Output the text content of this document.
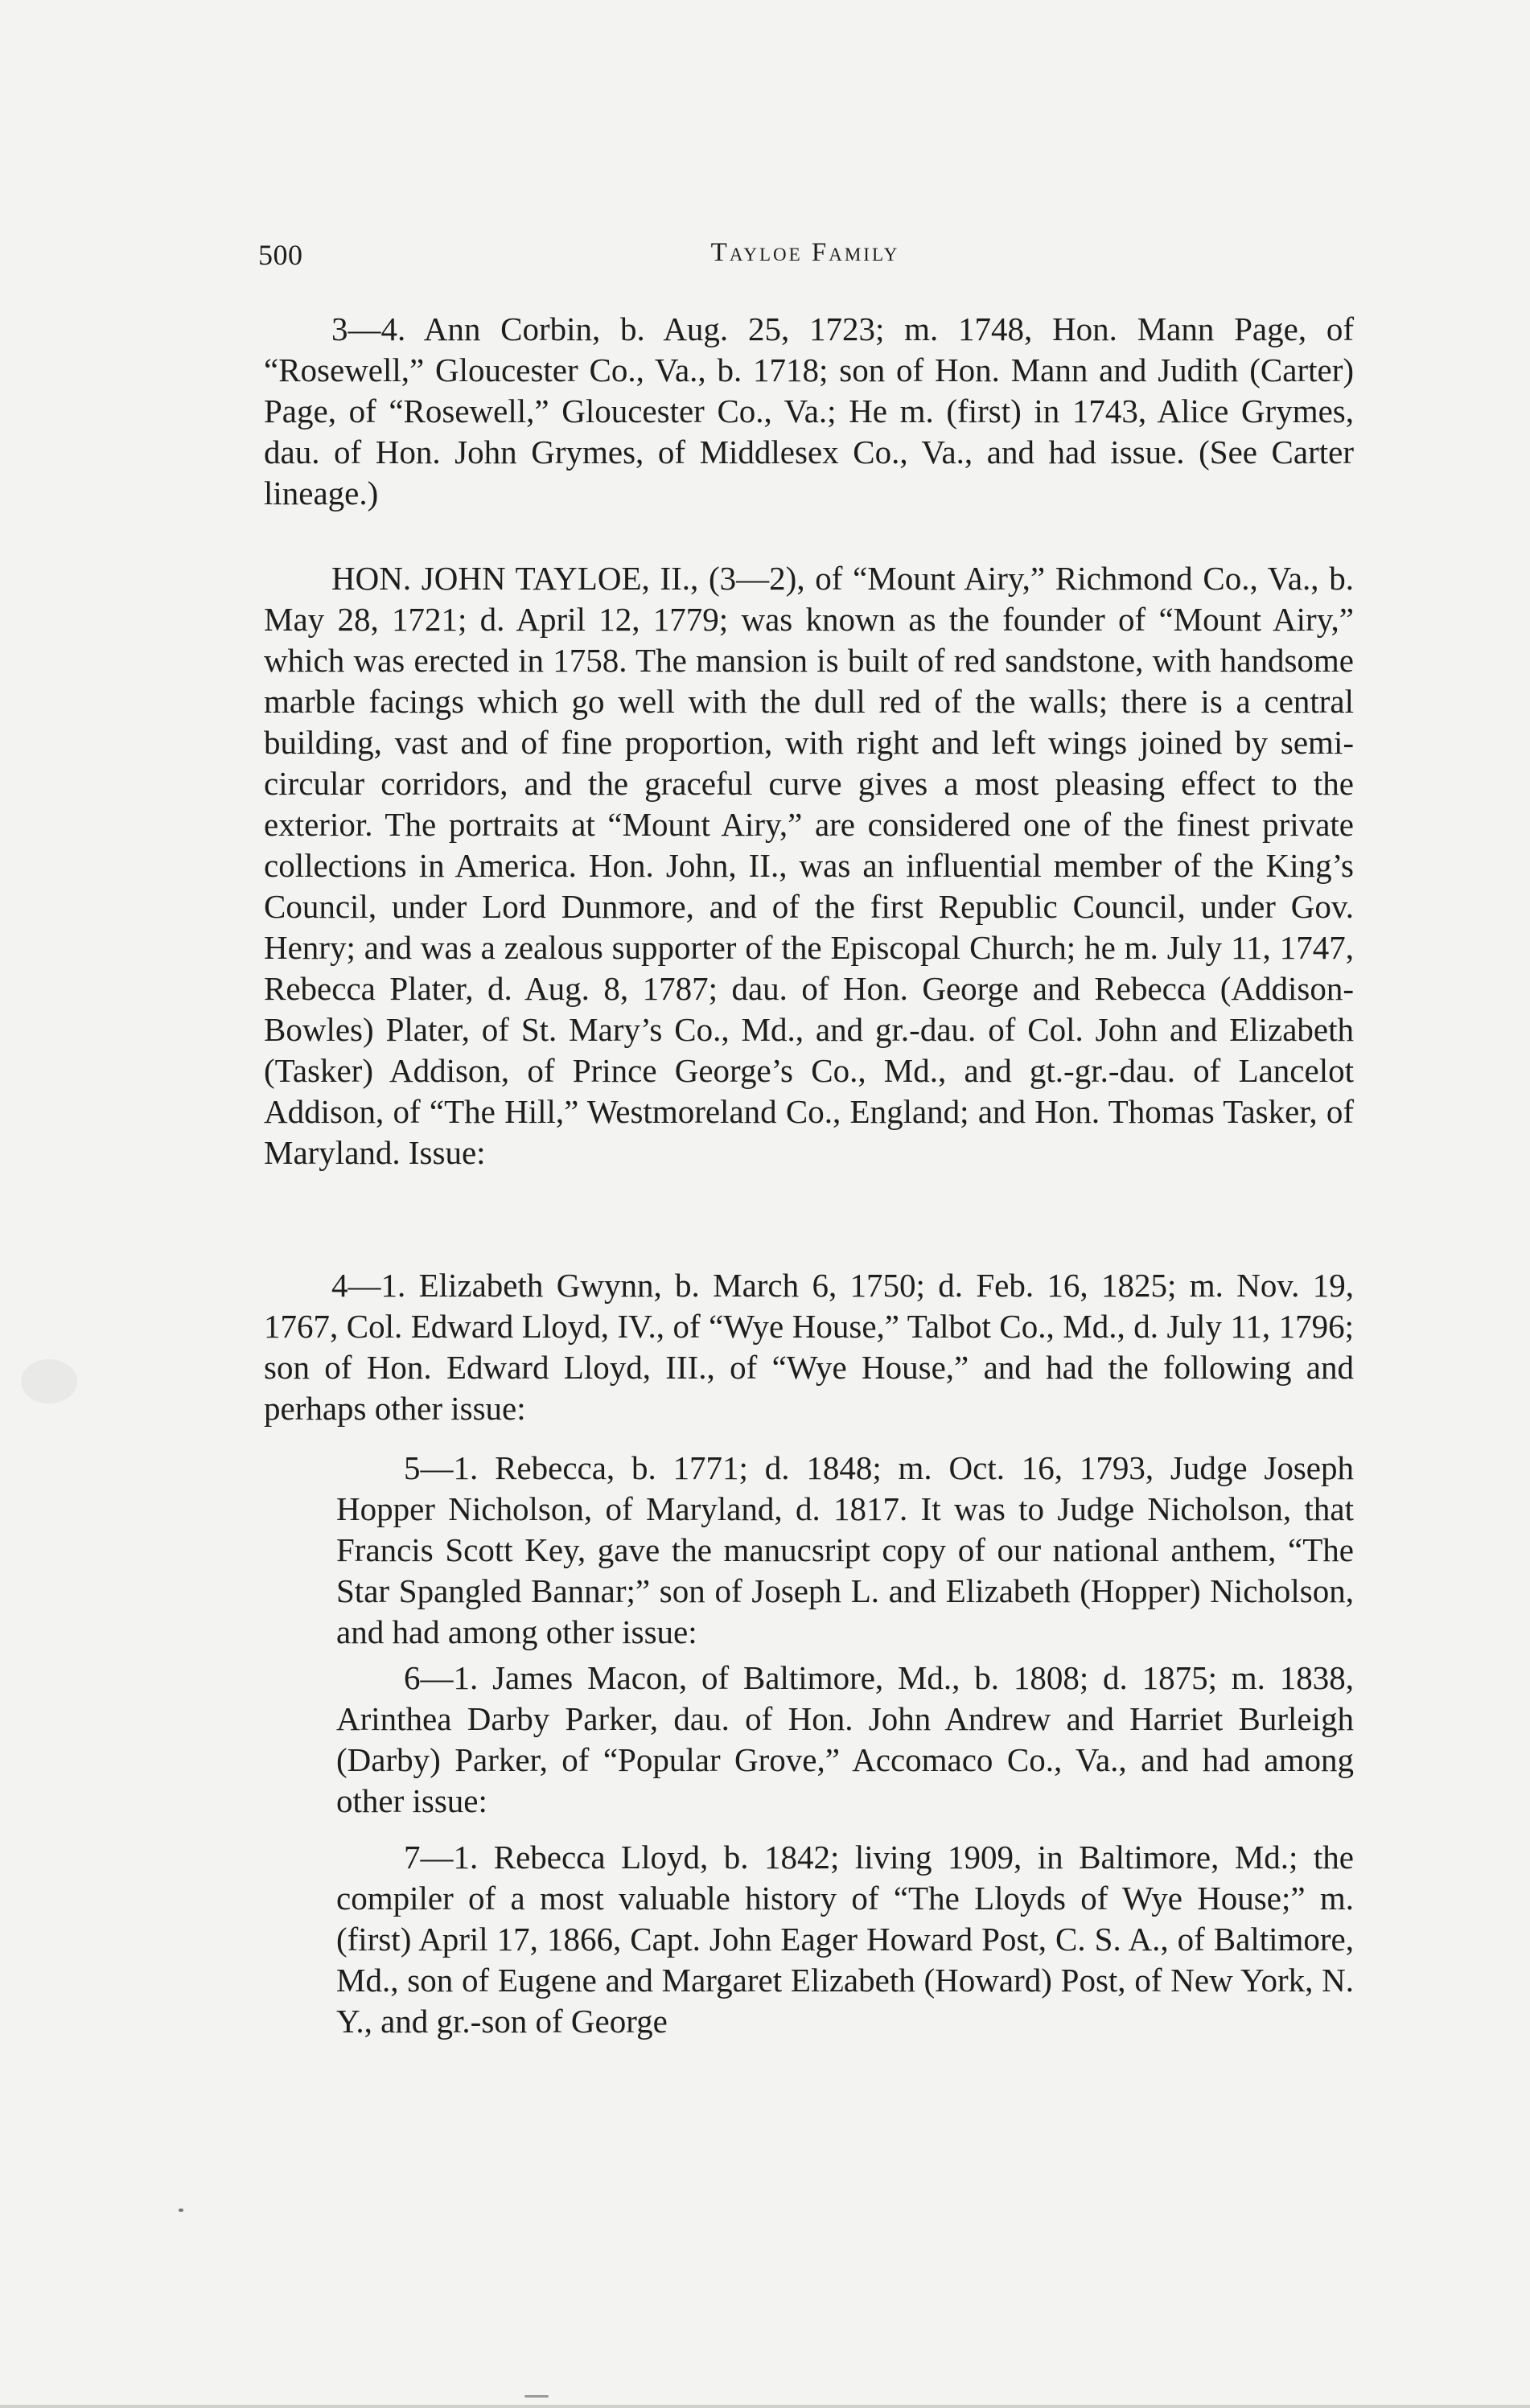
500	Tayloe Family

3—4. Ann Corbin, b. Aug. 25, 1723; m. 1748, Hon. Mann Page, of “Rosewell,” Gloucester Co., Va., b. 1718; son of Hon. Mann and Judith (Carter) Page, of “Rosewell,” Gloucester Co., Va.; He m. (first) in 1743, Alice Grymes, dau. of Hon. John Grymes, of Middlesex Co., Va., and had issue. (See Carter lineage.)

HON. JOHN TAYLOE, II., (3—2), of “Mount Airy,” Richmond Co., Va., b. May 28, 1721; d. April 12, 1779; was known as the founder of “Mount Airy,” which was erected in 1758. The mansion is built of red sandstone, with handsome marble facings which go well with the dull red of the walls; there is a central building, vast and of fine proportion, with right and left wings joined by semi-circular corridors, and the graceful curve gives a most pleasing effect to the exterior. The portraits at “Mount Airy,” are considered one of the finest private collections in America. Hon. John, II., was an influential member of the King’s Council, under Lord Dunmore, and of the first Republic Council, under Gov. Henry; and was a zealous supporter of the Episcopal Church; he m. July 11, 1747, Rebecca Plater, d. Aug. 8, 1787; dau. of Hon. George and Rebecca (Addison-Bowles) Plater, of St. Mary’s Co., Md., and gr.-dau. of Col. John and Elizabeth (Tasker) Addison, of Prince George’s Co., Md., and gt.-gr.-dau. of Lancelot Addison, of “The Hill,” Westmoreland Co., England; and Hon. Thomas Tasker, of Maryland. Issue:

4—1. Elizabeth Gwynn, b. March 6, 1750; d. Feb. 16, 1825; m. Nov. 19, 1767, Col. Edward Lloyd, IV., of “Wye House,” Talbot Co., Md., d. July 11, 1796; son of Hon. Edward Lloyd, III., of “Wye House,” and had the following and perhaps other issue:

5—1. Rebecca, b. 1771; d. 1848; m. Oct. 16, 1793, Judge Joseph Hopper Nicholson, of Maryland, d. 1817. It was to Judge Nicholson, that Francis Scott Key, gave the manucsript copy of our national anthem, “The Star Spangled Bannar;” son of Joseph L. and Elizabeth (Hopper) Nicholson, and had among other issue:

6—1. James Macon, of Baltimore, Md., b. 1808; d. 1875; m. 1838, Arinthea Darby Parker, dau. of Hon. John Andrew and Harriet Burleigh (Darby) Parker, of “Popular Grove,” Accomaco Co., Va., and had among other issue:

7—1. Rebecca Lloyd, b. 1842; living 1909, in Baltimore, Md.; the compiler of a most valuable history of “The Lloyds of Wye House;” m. (first) April 17, 1866, Capt. John Eager Howard Post, C. S. A., of Baltimore, Md., son of Eugene and Margaret Elizabeth (Howard) Post, of New York, N. Y., and gr.-son of George
